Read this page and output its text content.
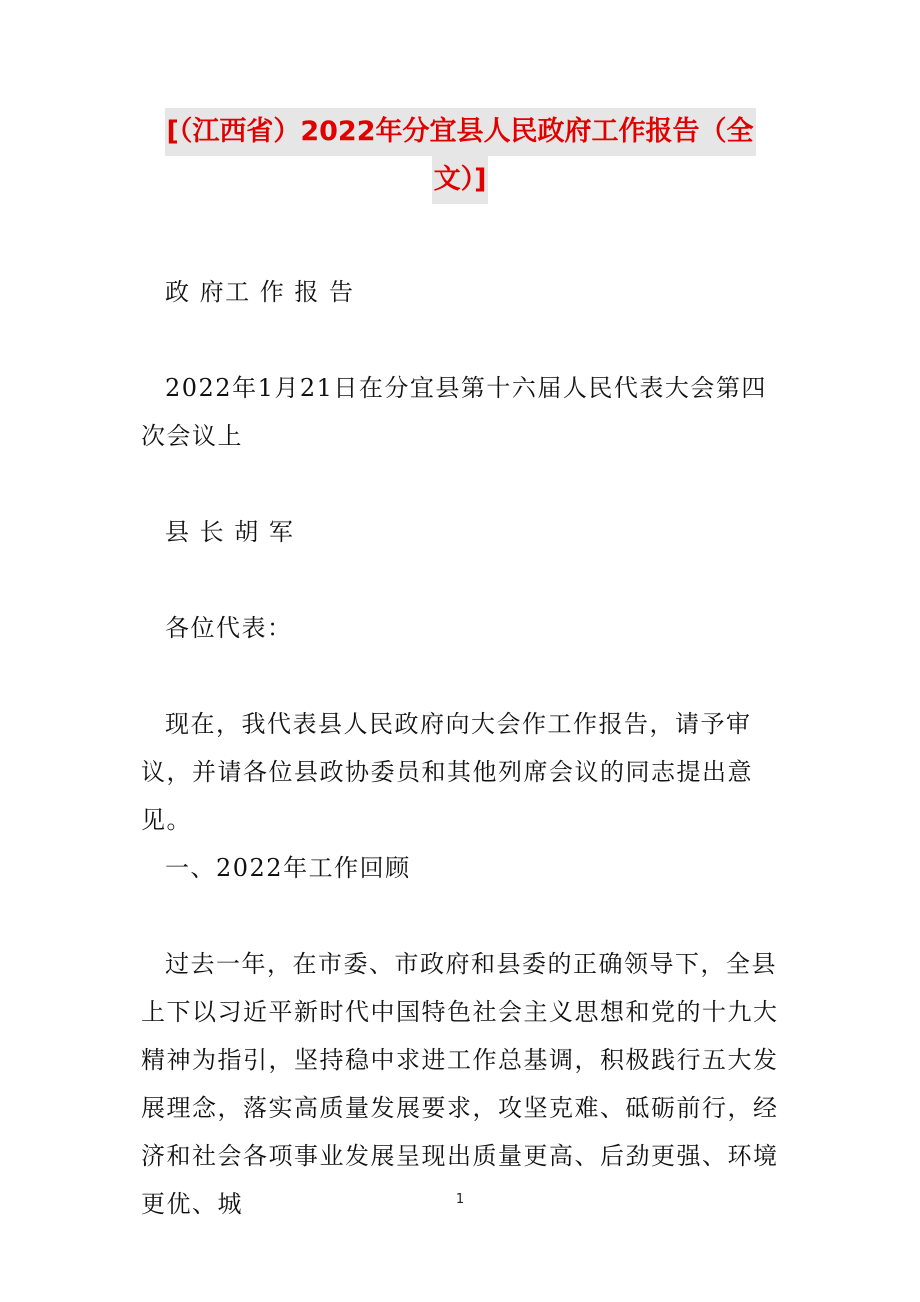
[（江西省）2022年分宜县人民政府工作报告（全
文）]

政 府工 作 报 告

2022年1月21日在分宜县第十六届人民代表大会第四次会议上

县 长 胡 军

各位代表：

现在，我代表县人民政府向大会作工作报告，请予审议，并请各位县政协委员和其他列席会议的同志提出意见。

一、2022年工作回顾

过去一年，在市委、市政府和县委的正确领导下，全县上下以习近平新时代中国特色社会主义思想和党的十九大精神为指引，坚持稳中求进工作总基调，积极践行五大发展理念，落实高质量发展要求，攻坚克难、砥砺前行，经济和社会各项事业发展呈现出质量更高、后劲更强、环境更优、城	1
